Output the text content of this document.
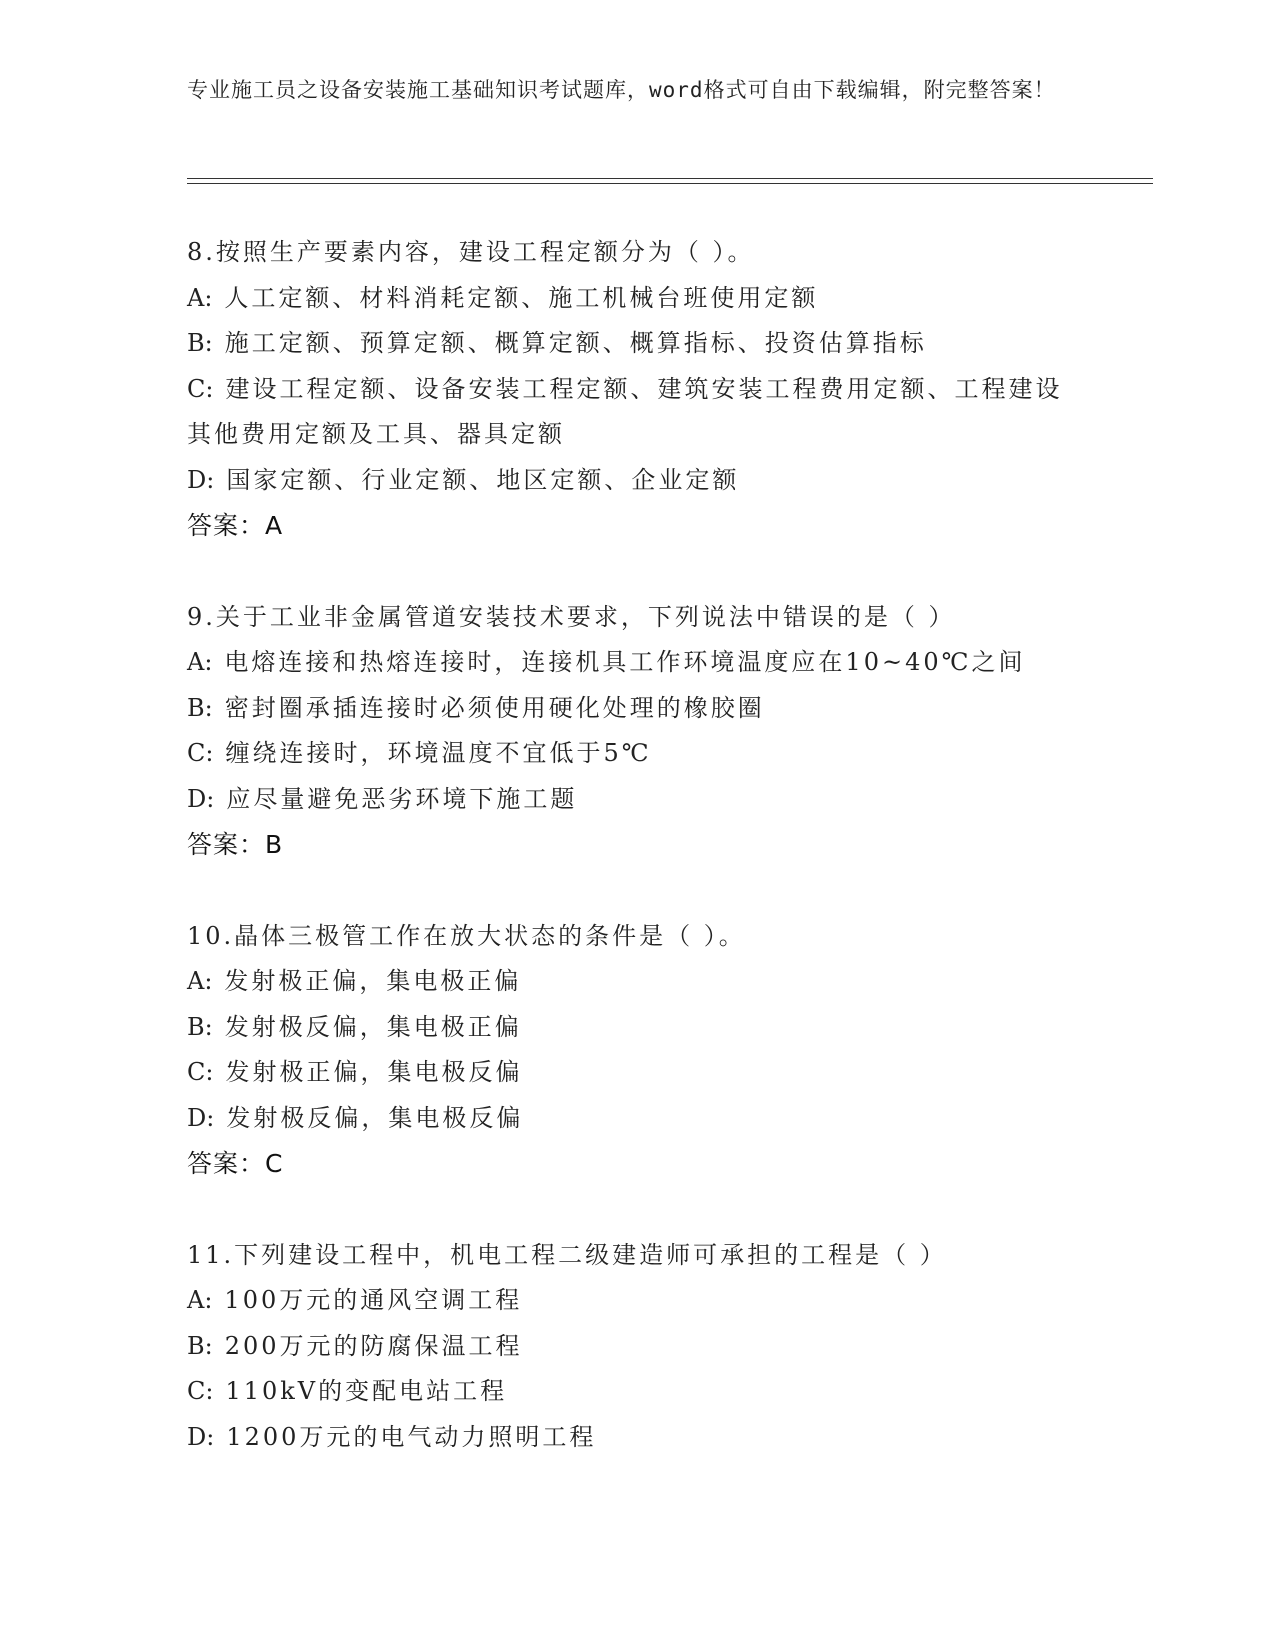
专业施工员之设备安装施工基础知识考试题库，word格式可自由下载编辑，附完整答案！
8.按照生产要素内容，建设工程定额分为（ ）。
A: 人工定额、材料消耗定额、施工机械台班使用定额
B: 施工定额、预算定额、概算定额、概算指标、投资估算指标
C: 建设工程定额、设备安装工程定额、建筑安装工程费用定额、工程建设其他费用定额及工具、器具定额
D: 国家定额、行业定额、地区定额、企业定额
答案：A
9.关于工业非金属管道安装技术要求，下列说法中错误的是（ ）
A: 电熔连接和热熔连接时，连接机具工作环境温度应在10~40℃之间
B: 密封圈承插连接时必须使用硬化处理的橡胶圈
C: 缠绕连接时，环境温度不宜低于5℃
D: 应尽量避免恶劣环境下施工题
答案：B
10.晶体三极管工作在放大状态的条件是（ ）。
A: 发射极正偏，集电极正偏
B: 发射极反偏，集电极正偏
C: 发射极正偏，集电极反偏
D: 发射极反偏，集电极反偏
答案：C
11.下列建设工程中，机电工程二级建造师可承担的工程是（ ）
A: 100万元的通风空调工程
B: 200万元的防腐保温工程
C: 110kV的变配电站工程
D: 1200万元的电气动力照明工程
